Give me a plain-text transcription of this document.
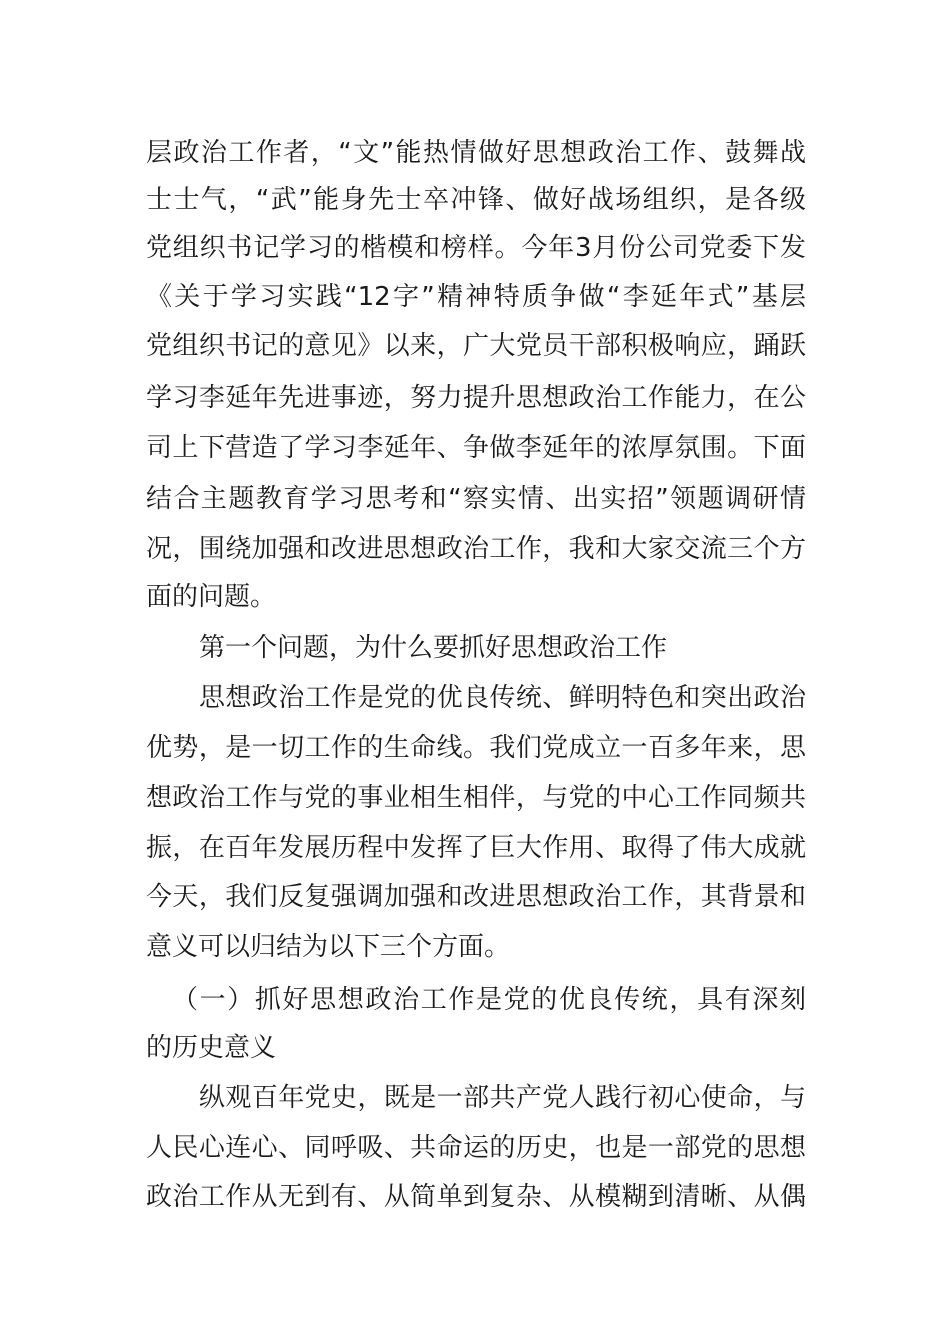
层政治工作者，“文”能热情做好思想政治工作、鼓舞战
士士气，“武”能身先士卒冲锋、做好战场组织，是各级
党组织书记学习的楷模和榜样。今年3月份公司党委下发
《关于学习实践“12字”精神特质争做“李延年式”基层
党组织书记的意见》以来，广大党员干部积极响应，踊跃
学习李延年先进事迹，努力提升思想政治工作能力，在公
司上下营造了学习李延年、争做李延年的浓厚氛围。下面
结合主题教育学习思考和“察实情、出实招”领题调研情
况，围绕加强和改进思想政治工作，我和大家交流三个方
面的问题。
第一个问题，为什么要抓好思想政治工作
思想政治工作是党的优良传统、鲜明特色和突出政治
优势，是一切工作的生命线。我们党成立一百多年来，思
想政治工作与党的事业相生相伴，与党的中心工作同频共
振，在百年发展历程中发挥了巨大作用、取得了伟大成就
今天，我们反复强调加强和改进思想政治工作，其背景和
意义可以归结为以下三个方面。
（一）抓好思想政治工作是党的优良传统，具有深刻
的历史意义
纵观百年党史，既是一部共产党人践行初心使命，与
人民心连心、同呼吸、共命运的历史，也是一部党的思想
政治工作从无到有、从简单到复杂、从模糊到清晰、从偶
